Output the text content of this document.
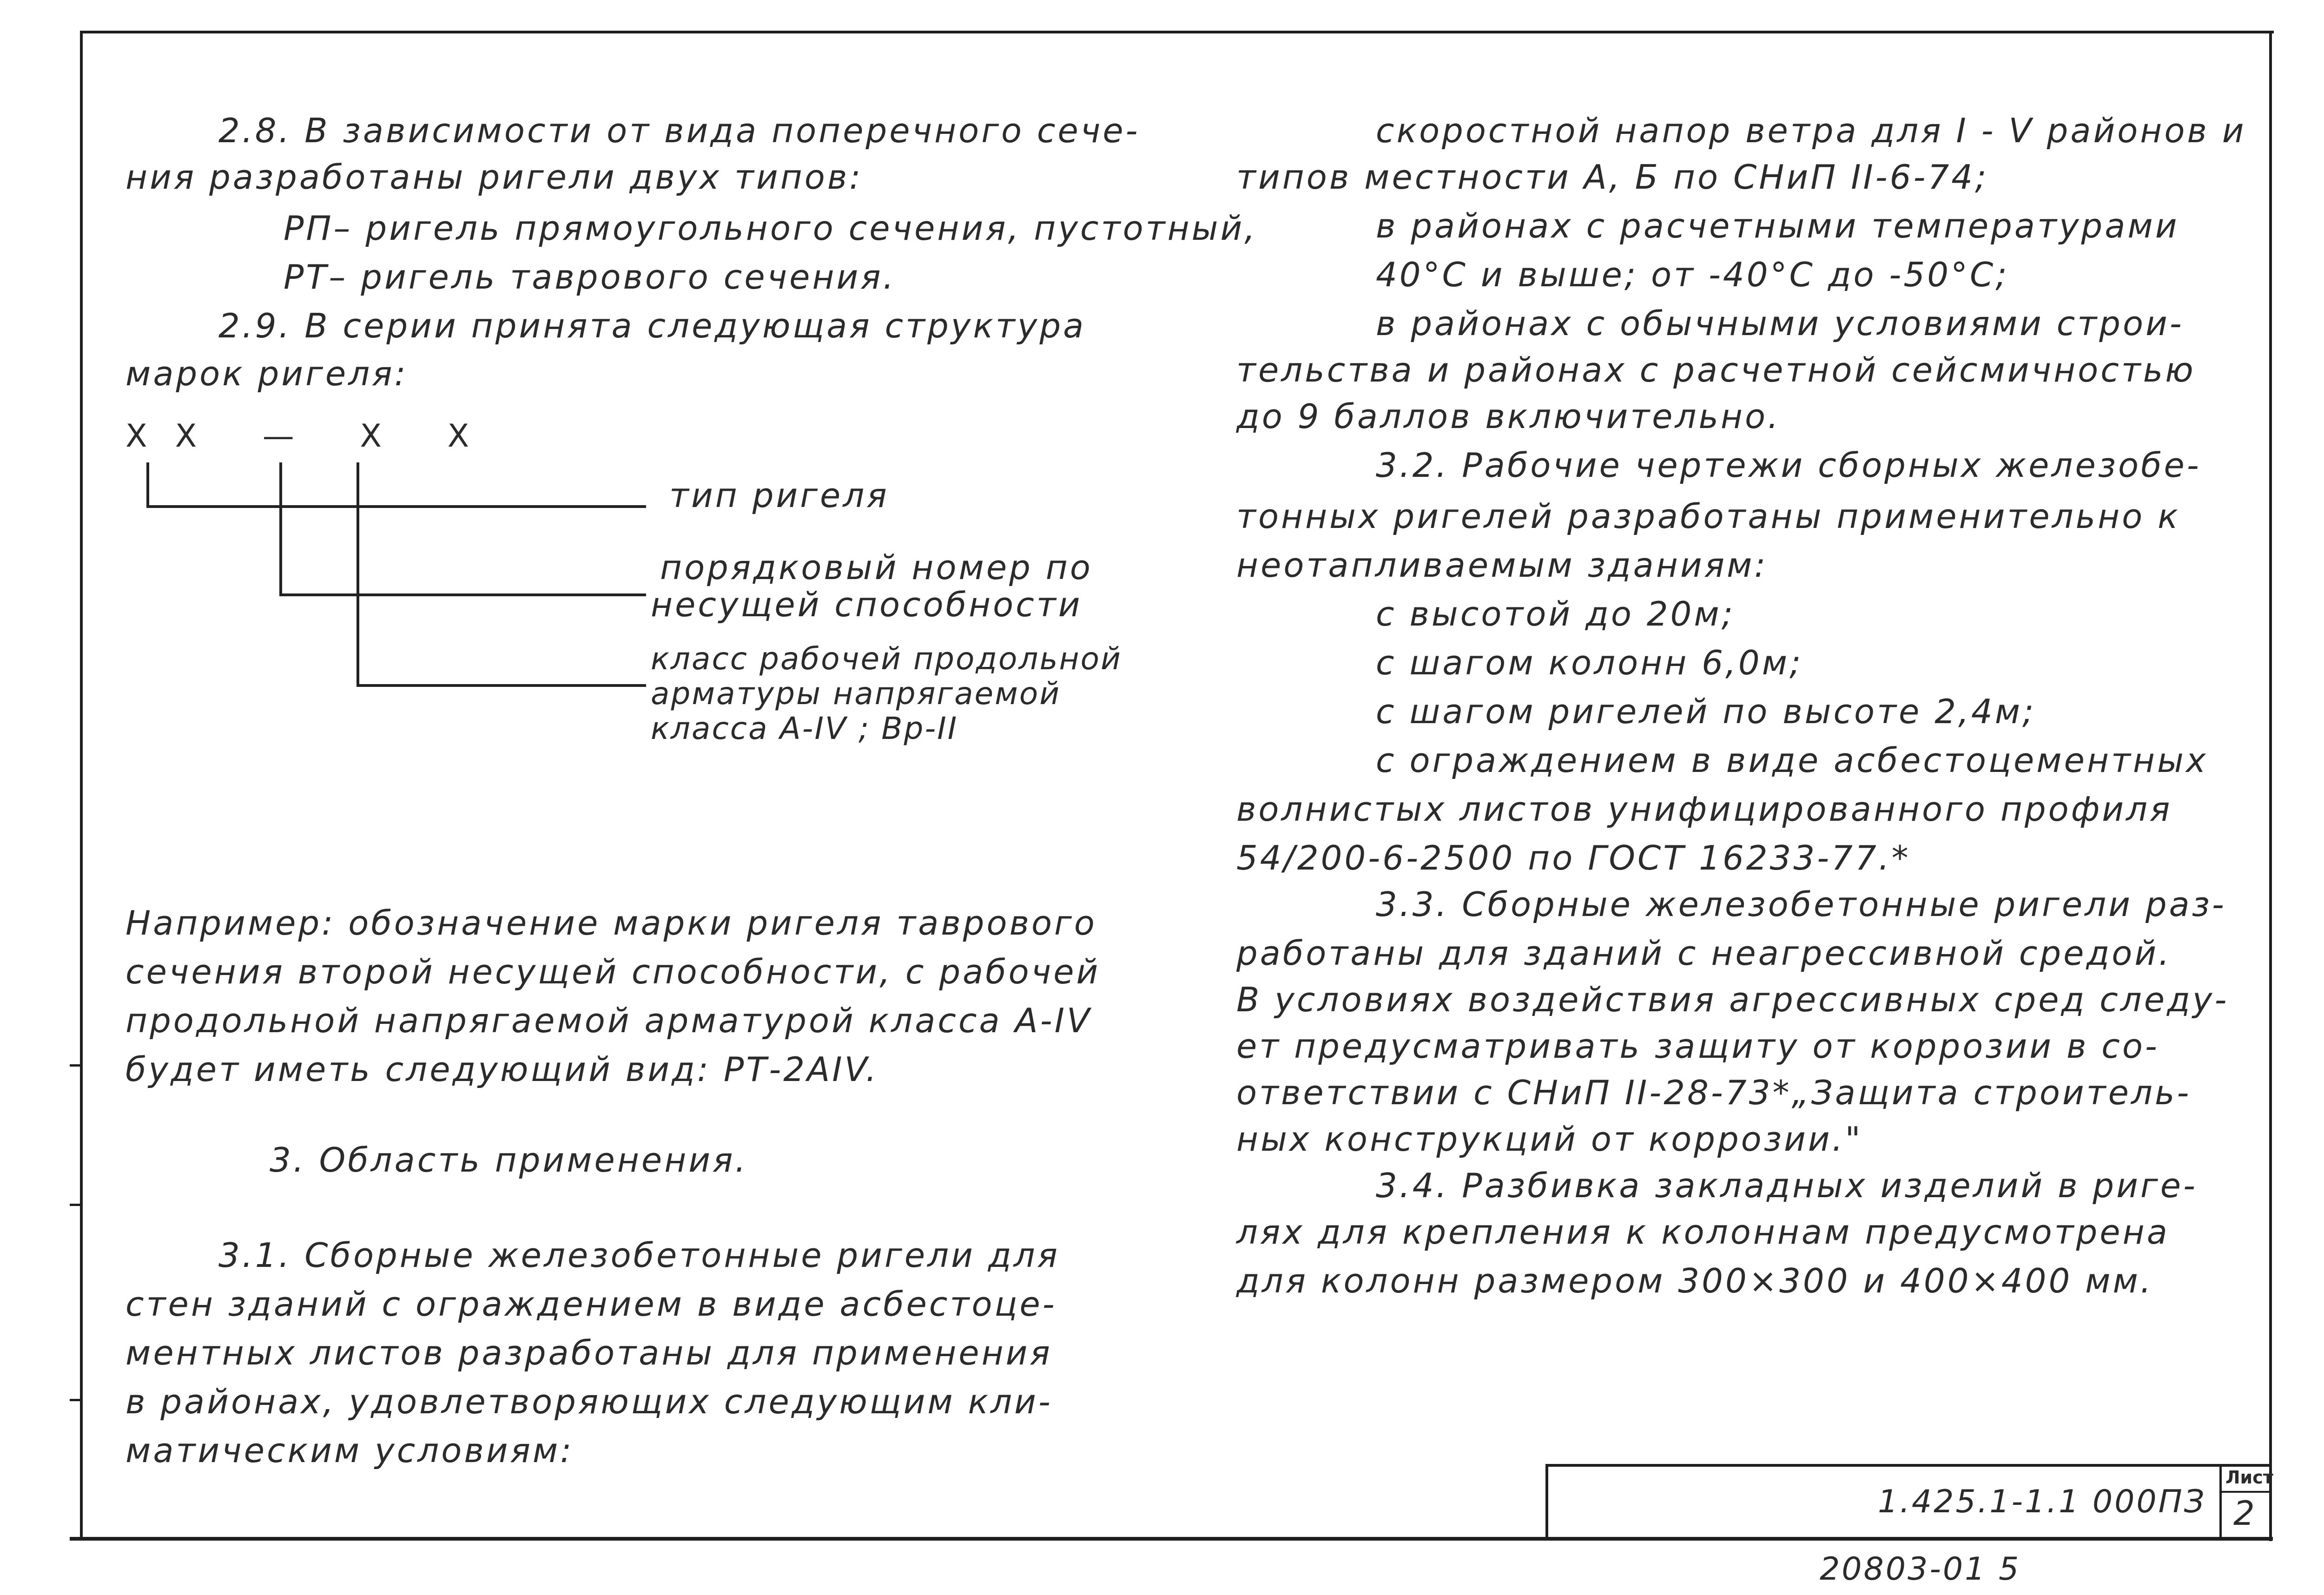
1.425.1-1.1 000ПЗ
Лист
2
20803-01 5
2.8. В зависимости от вида поперечного сече-
ния разработаны ригели двух типов:
РП– ригель прямоугольного сечения, пустотный,
РТ– ригель таврового сечения.
2.9. В серии принята следующая структура
марок ригеля:
ХХ — Х Х
тип ригеля
порядковый номер по
несущей способности
класс рабочей продольной
арматуры напрягаемой
класса А-IV ; Вр-II
Например: обозначение марки ригеля таврового
сечения второй несущей способности, с рабочей
продольной напрягаемой арматурой класса А-IV
будет иметь следующий вид: РТ-2АIV.
3. Область применения.
3.1. Сборные железобетонные ригели для
стен зданий с ограждением в виде асбестоце-
ментных листов разработаны для применения
в районах, удовлетворяющих следующим кли-
матическим условиям:
скоростной напор ветра для I - V районов и
типов местности А, Б по СНиП II-6-74;
в районах с расчетными температурами
40°С и выше; от -40°С до -50°С;
в районах с обычными условиями строи-
тельства и районах с расчетной сейсмичностью
до 9 баллов включительно.
3.2. Рабочие чертежи сборных железобе-
тонных ригелей разработаны применительно к
неотапливаемым зданиям:
с высотой до 20м;
с шагом колонн 6,0м;
с шагом ригелей по высоте 2,4м;
с ограждением в виде асбестоцементных
волнистых листов унифицированного профиля
54/200-6-2500 по ГОСТ 16233-77.*
3.3. Сборные железобетонные ригели раз-
работаны для зданий с неагрессивной средой.
В условиях воздействия агрессивных сред следу-
ет предусматривать защиту от коррозии в со-
ответствии с СНиП II-28-73*„Защита строитель-
ных конструкций от коррозии."
3.4. Разбивка закладных изделий в риге-
лях для крепления к колоннам предусмотрена
для колонн размером 300×300 и 400×400 мм.
